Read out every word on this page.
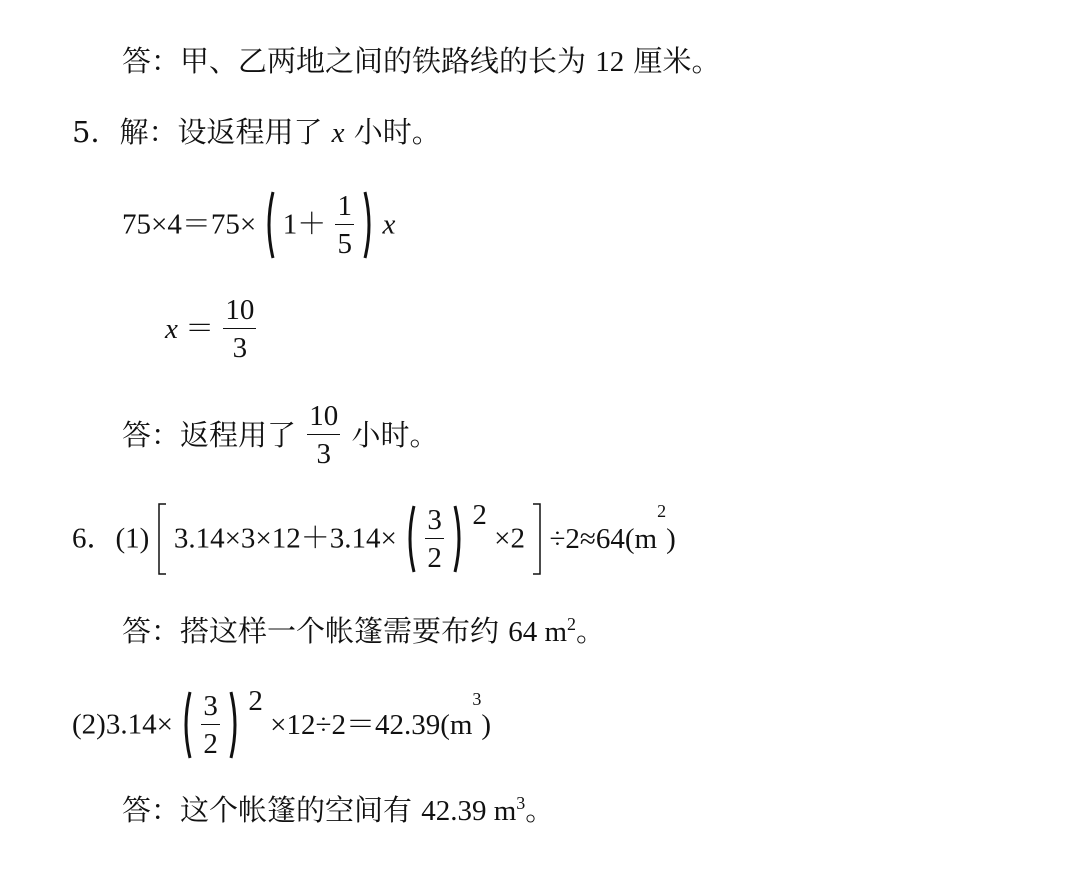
答：甲、乙两地之间的铁路线的长为 12 厘米。
5．解：设返程用了 x 小时。
$75\times 4=75\times 1+ \frac{1}{5}$ x
$x = \frac{10}{3}$
答：返程用了 $\frac{10}{3}$ 小时。
6．(1) $3.14\times 3\times 12+3.14\times \frac{3}{2} 2 \times 2 \div 2\approx 64(m^2)$
答：搭这样一个帐篷需要布约 64 $m^2$。
$(2)3.14\times \frac{3}{2} 2 \times 12\div 2=42.39(m^3)$
答：这个帐篷的空间有 42.39 $m^3$。
